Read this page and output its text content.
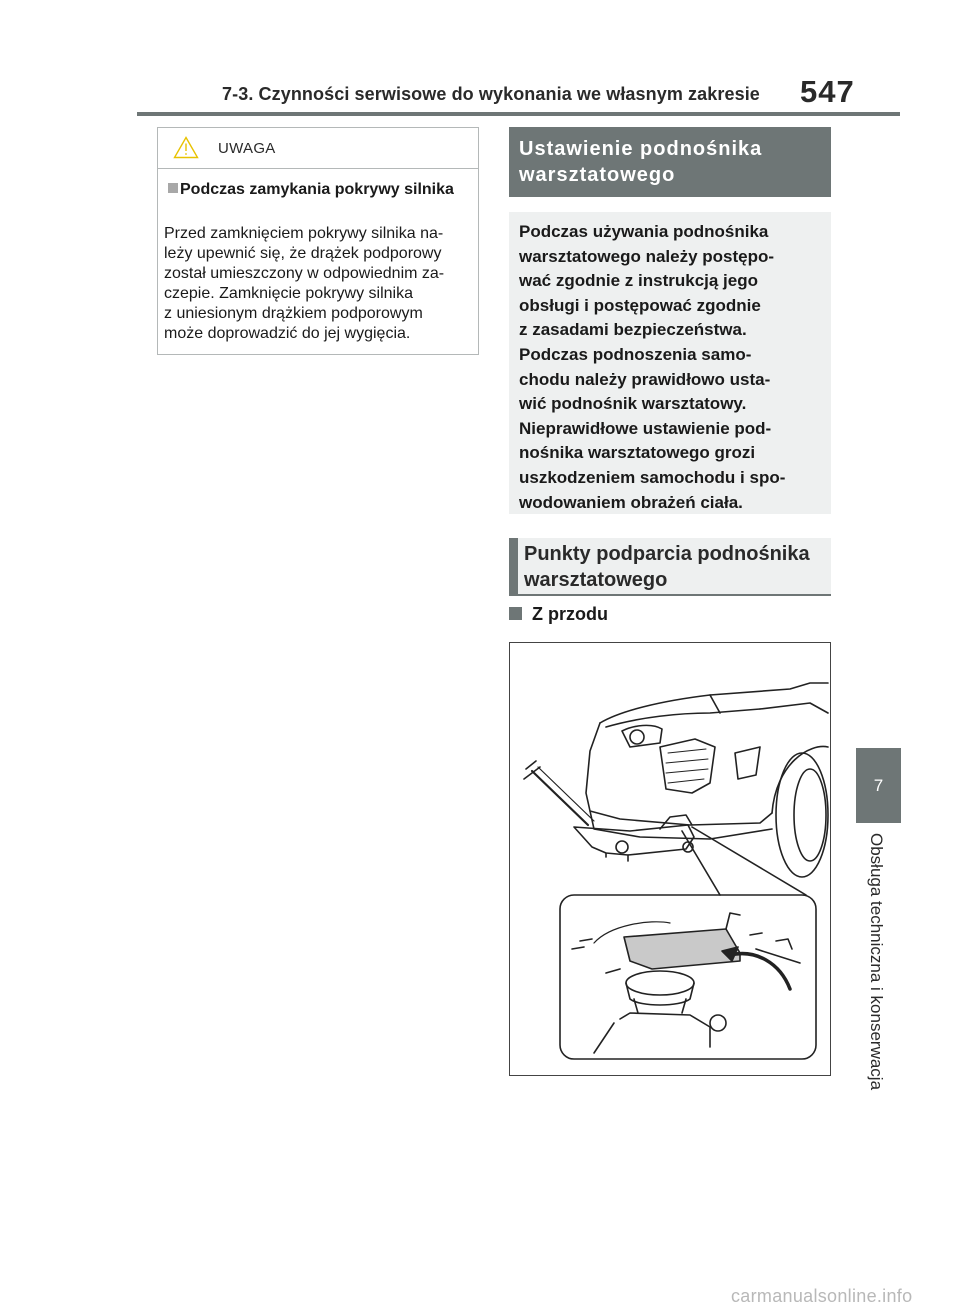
7-3. Czynności serwisowe do wykonania we własnym zakresie 547
7
Obsługa techniczna i konserwacja
UWAGA
Podczas zamykania pokrywy silnika
Przed zamknięciem pokrywy silnika na-
leży upewnić się, że drążek podporowy
został umieszczony w odpowiednim za-
czepie. Zamknięcie pokrywy silnika
z uniesionym drążkiem podporowym
może doprowadzić do jej wygięcia.
Ustawienie podnośnika
warsztatowego
Podczas używania podnośnika
warsztatowego należy postępo-
wać zgodnie z instrukcją jego
obsługi i postępować zgodnie
z zasadami bezpieczeństwa.
Podczas podnoszenia samo-
chodu należy prawidłowo usta-
wić podnośnik warsztatowy.
Nieprawidłowe ustawienie pod-
nośnika warsztatowego grozi
uszkodzeniem samochodu i spo-
wodowaniem obrażeń ciała.
Punkty podparcia podnośnika
warsztatowego
Z przodu
carmanualsonline.info
